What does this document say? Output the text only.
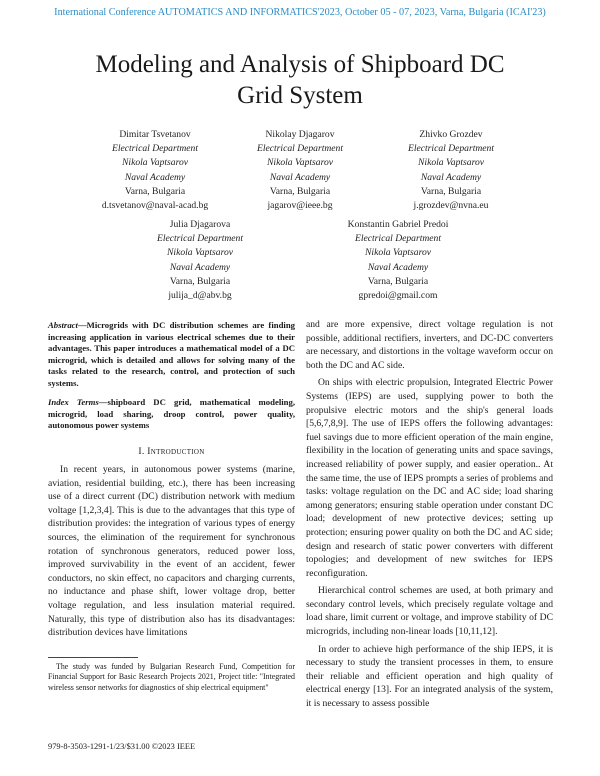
International Conference AUTOMATICS AND INFORMATICS'2023, October 05 - 07, 2023, Varna, Bulgaria (ICAI'23)
Modeling and Analysis of Shipboard DC
Grid System
Dimitar Tsvetanov
Electrical Department
Nikola Vaptsarov
Naval Academy
Varna, Bulgaria
d.tsvetanov@naval-acad.bg
Nikolay Djagarov
Electrical Department
Nikola Vaptsarov
Naval Academy
Varna, Bulgaria
jagarov@ieee.bg
Zhivko Grozdev
Electrical Department
Nikola Vaptsarov
Naval Academy
Varna, Bulgaria
j.grozdev@nvna.eu
Julia Djagarova
Electrical Department
Nikola Vaptsarov
Naval Academy
Varna, Bulgaria
julija_d@abv.bg
Konstantin Gabriel Predoi
Electrical Department
Nikola Vaptsarov
Naval Academy
Varna, Bulgaria
gpredoi@gmail.com
Abstract—Microgrids with DC distribution schemes are finding increasing application in various electrical schemes due to their advantages. This paper introduces a mathematical model of a DC microgrid, which is detailed and allows for solving many of the tasks related to the research, control, and protection of such systems.
Index Terms—shipboard DC grid, mathematical modeling, microgrid, load sharing, droop control, power quality, autonomous power systems
I. Introduction

In recent years, in autonomous power systems (marine, aviation, residential building, etc.), there has been increasing use of a direct current (DC) distribution network with medium voltage [1,2,3,4]. This is due to the advantages that this type of distribution provides: the integration of various types of energy sources, the elimination of the requirement for synchronous rotation of synchronous generators, reduced power loss, improved survivability in the event of an accident, fewer conductors, no skin effect, no capacitors and charging currents, no inductance and phase shift, lower voltage drop, better voltage regulation, and less insulation material required. Naturally, this type of distribution also has its disadvantages: distribution devices have limitations

The study was funded by Bulgarian Research Fund, Competition for Financial Support for Basic Research Projects 2021, Project title: "Integrated wireless sensor networks for diagnostics of ship electrical equipment"
979-8-3503-1291-1/23/$31.00 ©2023 IEEE

and are more expensive, direct voltage regulation is not possible, additional rectifiers, inverters, and DC-DC converters are necessary, and distortions in the voltage waveform occur on both the DC and AC side.

On ships with electric propulsion, Integrated Electric Power Systems (IEPS) are used, supplying power to both the propulsive electric motors and the ship's general loads [5,6,7,8,9]. The use of IEPS offers the following advantages: fuel savings due to more efficient operation of the main engine, flexibility in the location of generating units and space savings, increased reliability of power supply, and easier operation.. At the same time, the use of IEPS prompts a series of problems and tasks: voltage regulation on the DC and AC side; load sharing among generators; ensuring stable operation under constant DC load; development of new protective devices; setting up protection; ensuring power quality on both the DC and AC side; design and research of static power converters with different topologies; and development of new switches for IEPS reconfiguration.

Hierarchical control schemes are used, at both primary and secondary control levels, which precisely regulate voltage and load share, limit current or voltage, and improve stability of DC microgrids, including non-linear loads [10,11,12].

In order to achieve high performance of the ship IEPS, it is necessary to study the transient processes in them, to ensure their reliable and efficient operation and high quality of electrical energy [13]. For an integrated analysis of the system, it is necessary to assess possible
